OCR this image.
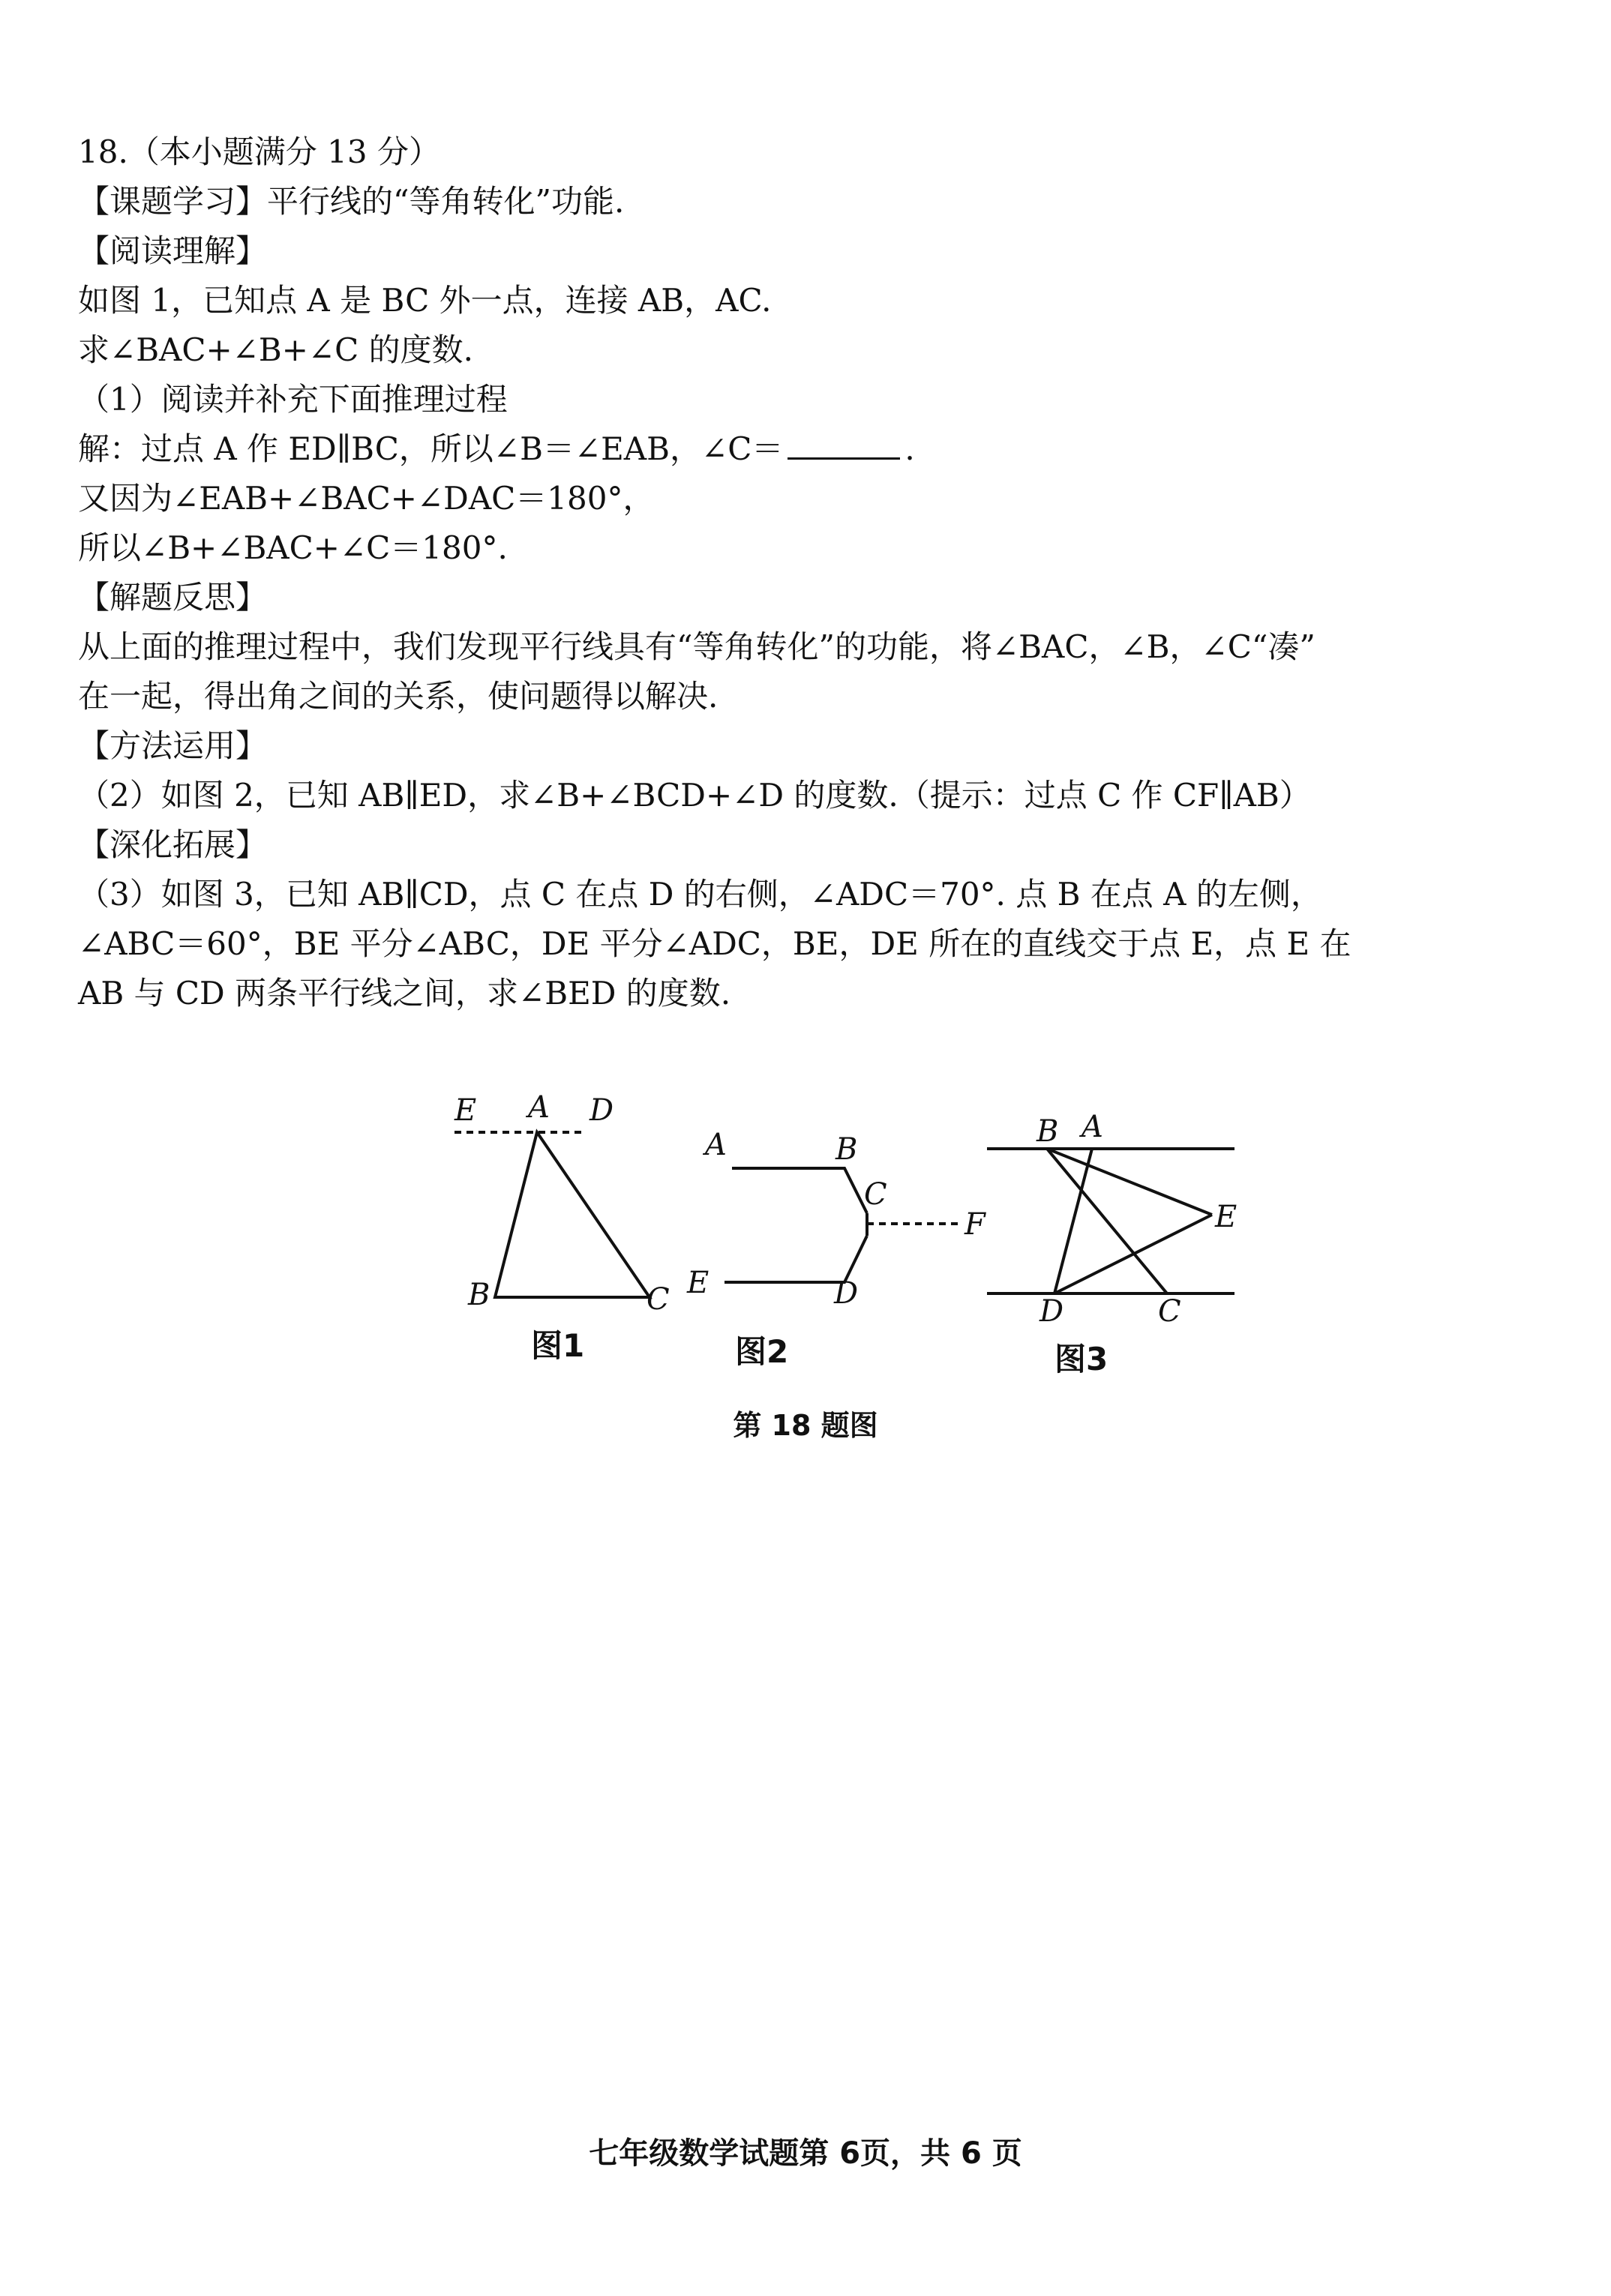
18.（本小题满分 13 分）
【课题学习】平行线的“等角转化”功能.
【阅读理解】
如图 1，已知点 A 是 BC 外一点，连接 AB，AC.
求∠BAC+∠B+∠C 的度数.
（1）阅读并补充下面推理过程
解：过点 A 作 ED∥BC，所以∠B＝∠EAB，∠C＝	.
又因为∠EAB+∠BAC+∠DAC＝180°，
所以∠B+∠BAC+∠C＝180°.
【解题反思】
从上面的推理过程中，我们发现平行线具有“等角转化”的功能，将∠BAC，∠B，∠C“凑”
在一起，得出角之间的关系，使问题得以解决.
【方法运用】
（2）如图 2，已知 AB∥ED，求∠B+∠BCD+∠D 的度数.（提示：过点 C 作 CF∥AB）
【深化拓展】
（3）如图 3，已知 AB∥CD，点 C 在点 D 的右侧，∠ADC＝70°. 点 B 在点 A 的左侧，
∠ABC＝60°，BE 平分∠ABC，DE 平分∠ADC，BE，DE 所在的直线交于点 E，点 E 在
AB 与 CD 两条平行线之间，求∠BED 的度数.
E A D
B	C
A	B
C
F
E	D
B A
E
D	C
图1	图2	图3
第 18 题图
七年级数学试题第 6页，共 6 页
